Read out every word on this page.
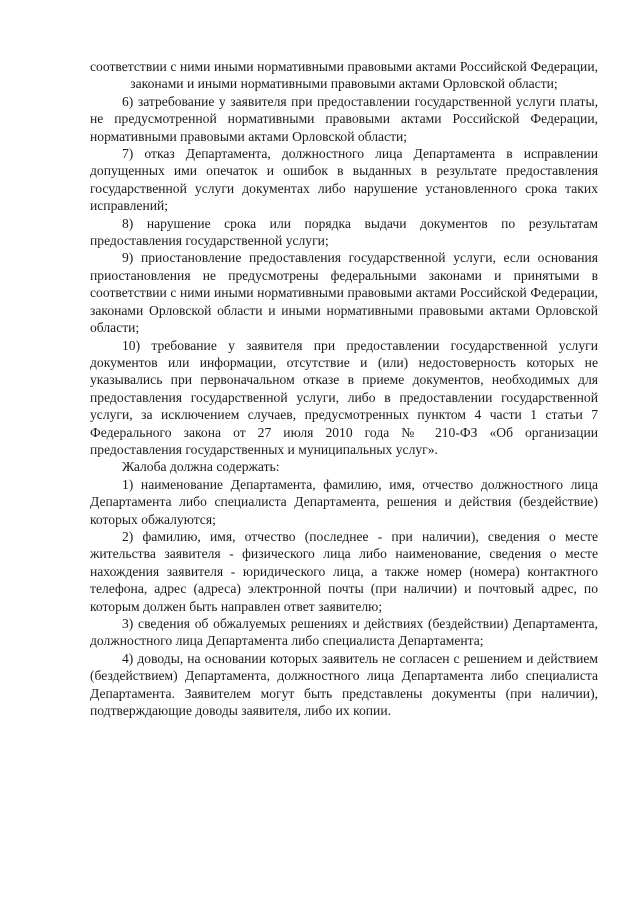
соответствии с ними иными нормативными правовыми актами Российской Федерации, законами и иными нормативными правовыми актами Орловской области;

6) затребование у заявителя при предоставлении государственной услуги платы, не предусмотренной нормативными правовыми актами Российской Федерации, нормативными правовыми актами Орловской области;

7) отказ Департамента, должностного лица Департамента в исправлении допущенных ими опечаток и ошибок в выданных в результате предоставления государственной услуги документах либо нарушение установленного срока таких исправлений;

8) нарушение срока или порядка выдачи документов по результатам предоставления государственной услуги;

9) приостановление предоставления государственной услуги, если основания приостановления не предусмотрены федеральными законами и принятыми в соответствии с ними иными нормативными правовыми актами Российской Федерации, законами Орловской области и иными нормативными правовыми актами Орловской области;

10) требование у заявителя при предоставлении государственной услуги документов или информации, отсутствие и (или) недостоверность которых не указывались при первоначальном отказе в приеме документов, необходимых для предоставления государственной услуги, либо в предоставлении государственной услуги, за исключением случаев, предусмотренных пунктом 4 части 1 статьи 7 Федерального закона от 27 июля 2010 года № 210-ФЗ «Об организации предоставления государственных и муниципальных услуг».

Жалоба должна содержать:

1) наименование Департамента, фамилию, имя, отчество должностного лица Департамента либо специалиста Департамента, решения и действия (бездействие) которых обжалуются;

2) фамилию, имя, отчество (последнее - при наличии), сведения о месте жительства заявителя - физического лица либо наименование, сведения о месте нахождения заявителя - юридического лица, а также номер (номера) контактного телефона, адрес (адреса) электронной почты (при наличии) и почтовый адрес, по которым должен быть направлен ответ заявителю;

3) сведения об обжалуемых решениях и действиях (бездействии) Департамента, должностного лица Департамента либо специалиста Департамента;

4) доводы, на основании которых заявитель не согласен с решением и действием (бездействием) Департамента, должностного лица Департамента либо специалиста Департамента. Заявителем могут быть представлены документы (при наличии), подтверждающие доводы заявителя, либо их копии.
